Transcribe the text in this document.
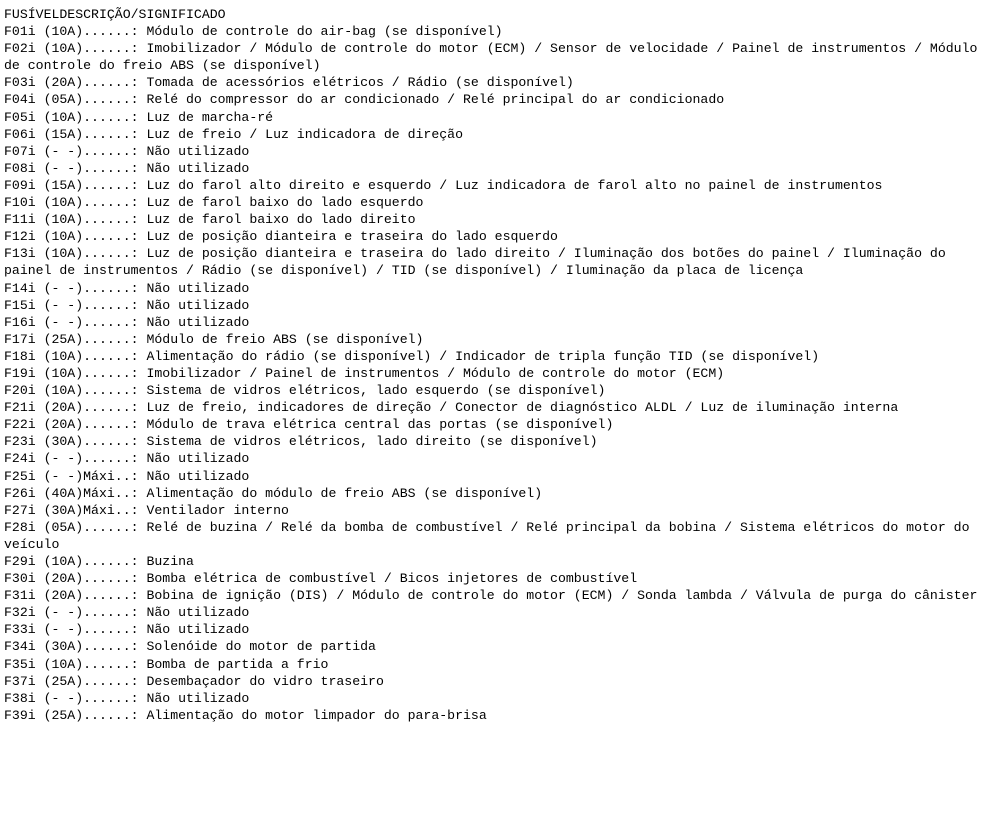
FUSÍVELDESCRIÇÃO/SIGNIFICADO
F01i (10A)......: Módulo de controle do air-bag (se disponível)
F02i (10A)......: Imobilizador / Módulo de controle do motor (ECM) / Sensor de velocidade / Painel de instrumentos / Módulo de controle do freio ABS (se disponível)
F03i (20A)......: Tomada de acessórios elétricos / Rádio (se disponível)
F04i (05A)......: Relé do compressor do ar condicionado / Relé principal do ar condicionado
F05i (10A)......: Luz de marcha-ré
F06i (15A)......: Luz de freio / Luz indicadora de direção
F07i (- -)......: Não utilizado
F08i (- -)......: Não utilizado
F09i (15A)......: Luz do farol alto direito e esquerdo / Luz indicadora de farol alto no painel de instrumentos
F10i (10A)......: Luz de farol baixo do lado esquerdo
F11i (10A)......: Luz de farol baixo do lado direito
F12i (10A)......: Luz de posição dianteira e traseira do lado esquerdo
F13i (10A)......: Luz de posição dianteira e traseira do lado direito / Iluminação dos botões do painel / Iluminação do painel de instrumentos / Rádio (se disponível) / TID (se disponível) / Iluminação da placa de licença
F14i (- -)......: Não utilizado
F15i (- -)......: Não utilizado
F16i (- -)......: Não utilizado
F17i (25A)......: Módulo de freio ABS (se disponível)
F18i (10A)......: Alimentação do rádio (se disponível) / Indicador de tripla função TID (se disponível)
F19i (10A)......: Imobilizador / Painel de instrumentos / Módulo de controle do motor (ECM)
F20i (10A)......: Sistema de vidros elétricos, lado esquerdo (se disponível)
F21i (20A)......: Luz de freio, indicadores de direção / Conector de diagnóstico ALDL / Luz de iluminação interna
F22i (20A)......: Módulo de trava elétrica central das portas (se disponível)
F23i (30A)......: Sistema de vidros elétricos, lado direito (se disponível)
F24i (- -)......: Não utilizado
F25i (- -)Máxi..: Não utilizado
F26i (40A)Máxi..: Alimentação do módulo de freio ABS (se disponível)
F27i (30A)Máxi..: Ventilador interno
F28i (05A)......: Relé de buzina / Relé da bomba de combustível / Relé principal da bobina / Sistema elétricos do motor do veículo
F29i (10A)......: Buzina
F30i (20A)......: Bomba elétrica de combustível / Bicos injetores de combustível
F31i (20A)......: Bobina de ignição (DIS) / Módulo de controle do motor (ECM) / Sonda lambda / Válvula de purga do cânister
F32i (- -)......: Não utilizado
F33i (- -)......: Não utilizado
F34i (30A)......: Solenóide do motor de partida
F35i (10A)......: Bomba de partida a frio
F37i (25A)......: Desembaçador do vidro traseiro
F38i (- -)......: Não utilizado
F39i (25A)......: Alimentação do motor limpador do para-brisa
